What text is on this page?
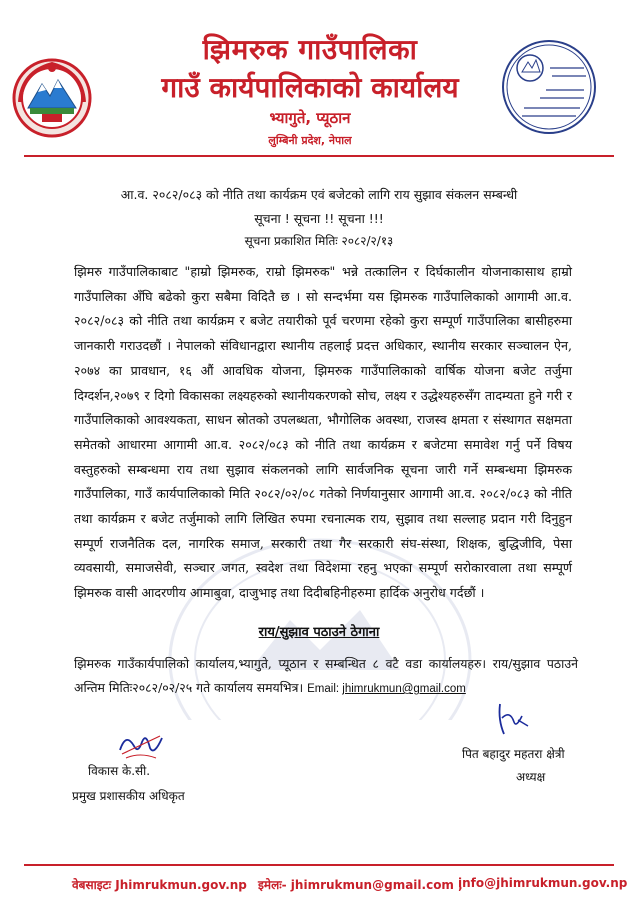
झिमरुक गाउँपालिका
गाउँ कार्यपालिकाको कार्यालय
भ्यागुते, प्यूठान
लुम्बिनी प्रदेश, नेपाल
आ.व. २०८२/०८३ को नीति तथा कार्यक्रम एवं बजेटको लागि राय सुझाव संकलन सम्बन्धी
सूचना ! सूचना !! सूचना !!!
सूचना प्रकाशित मितिः २०८२/२/१३
झिमरु गाउँपालिकाबाट "हाम्रो झिमरुक, राम्रो झिमरुक" भन्ने तत्कालिन र दिर्घकालीन योजनाकासाथ हाम्रो गाउँपालिका अँघि बढेको कुरा सबैमा विदितै छ । सो सन्दर्भमा यस झिमरुक गाउँपालिकाको आगामी आ.व. २०८२/०८३ को नीति तथा कार्यक्रम र बजेट तयारीको पूर्व चरणमा रहेको कुरा सम्पूर्ण गाउँपालिका बासीहरुमा जानकारी गराउदछौं । नेपालको संविधानद्वारा स्थानीय तहलाई प्रदत्त अधिकार, स्थानीय सरकार सञ्चालन ऐन, २०७४ का प्रावधान, १६ औं आवधिक योजना, झिमरुक गाउँपालिकाको वार्षिक योजना बजेट तर्जुमा दिग्दर्शन,२०७९ र दिगो विकासका लक्ष्यहरुको स्थानीयकरणको सोच, लक्ष्य र उद्धेश्यहरुसँग तादम्यता हुने गरी र गाउँपालिकाको आवश्यकता, साधन स्रोतको उपलब्धता, भौगोलिक अवस्था, राजस्व क्षमता र संस्थागत सक्षमता समेतको आधारमा आगामी आ.व. २०८२/०८३ को नीति तथा कार्यक्रम र बजेटमा समावेश गर्नु पर्ने विषय वस्तुहरुको सम्बन्धमा राय तथा सुझाव संकलनको लागि सार्वजनिक सूचना जारी गर्ने सम्बन्धमा झिमरुक गाउँपालिका, गाउँ कार्यपालिकाको मिति २०८२/०२/०८ गतेको निर्णयानुसार आगामी आ.व. २०८२/०८३ को नीति तथा कार्यक्रम र बजेट तर्जुमाको लागि लिखित रुपमा रचनात्मक राय, सुझाव तथा सल्लाह प्रदान गरी दिनुहुन सम्पूर्ण राजनैतिक दल, नागरिक समाज, सरकारी तथा गैर सरकारी संघ-संस्था, शिक्षक, बुद्धिजीवि, पेसा व्यवसायी, समाजसेवी, सञ्चार जगत, स्वदेश तथा विदेशमा रहनु भएका सम्पूर्ण सरोकारवाला तथा सम्पूर्ण झिमरुक वासी आदरणीय आमाबुवा, दाजुभाइ तथा दिदीबहिनीहरुमा हार्दिक अनुरोध गर्दछौं ।
राय/सुझाव पठाउने ठेगाना
झिमरुक गाउँकार्यपालिको कार्यालय,भ्यागुते, प्यूठान र सम्बन्धित ८ वटै वडा कार्यालयहरु। राय/सुझाव पठाउने अन्तिम मितिः२०८२/०२/२५ गते कार्यालय समयभित्र। Email: jhimrukmun@gmail.com
विकास के.सी.
प्रमुख प्रशासकीय अधिकृत
पित बहादुर महतरा क्षेत्री
अध्यक्ष
वेबसाइटः Jhimrukmun.gov.np इमेलः- jhimrukmun@gmail.com ,
info@jhimrukmun.gov.np
